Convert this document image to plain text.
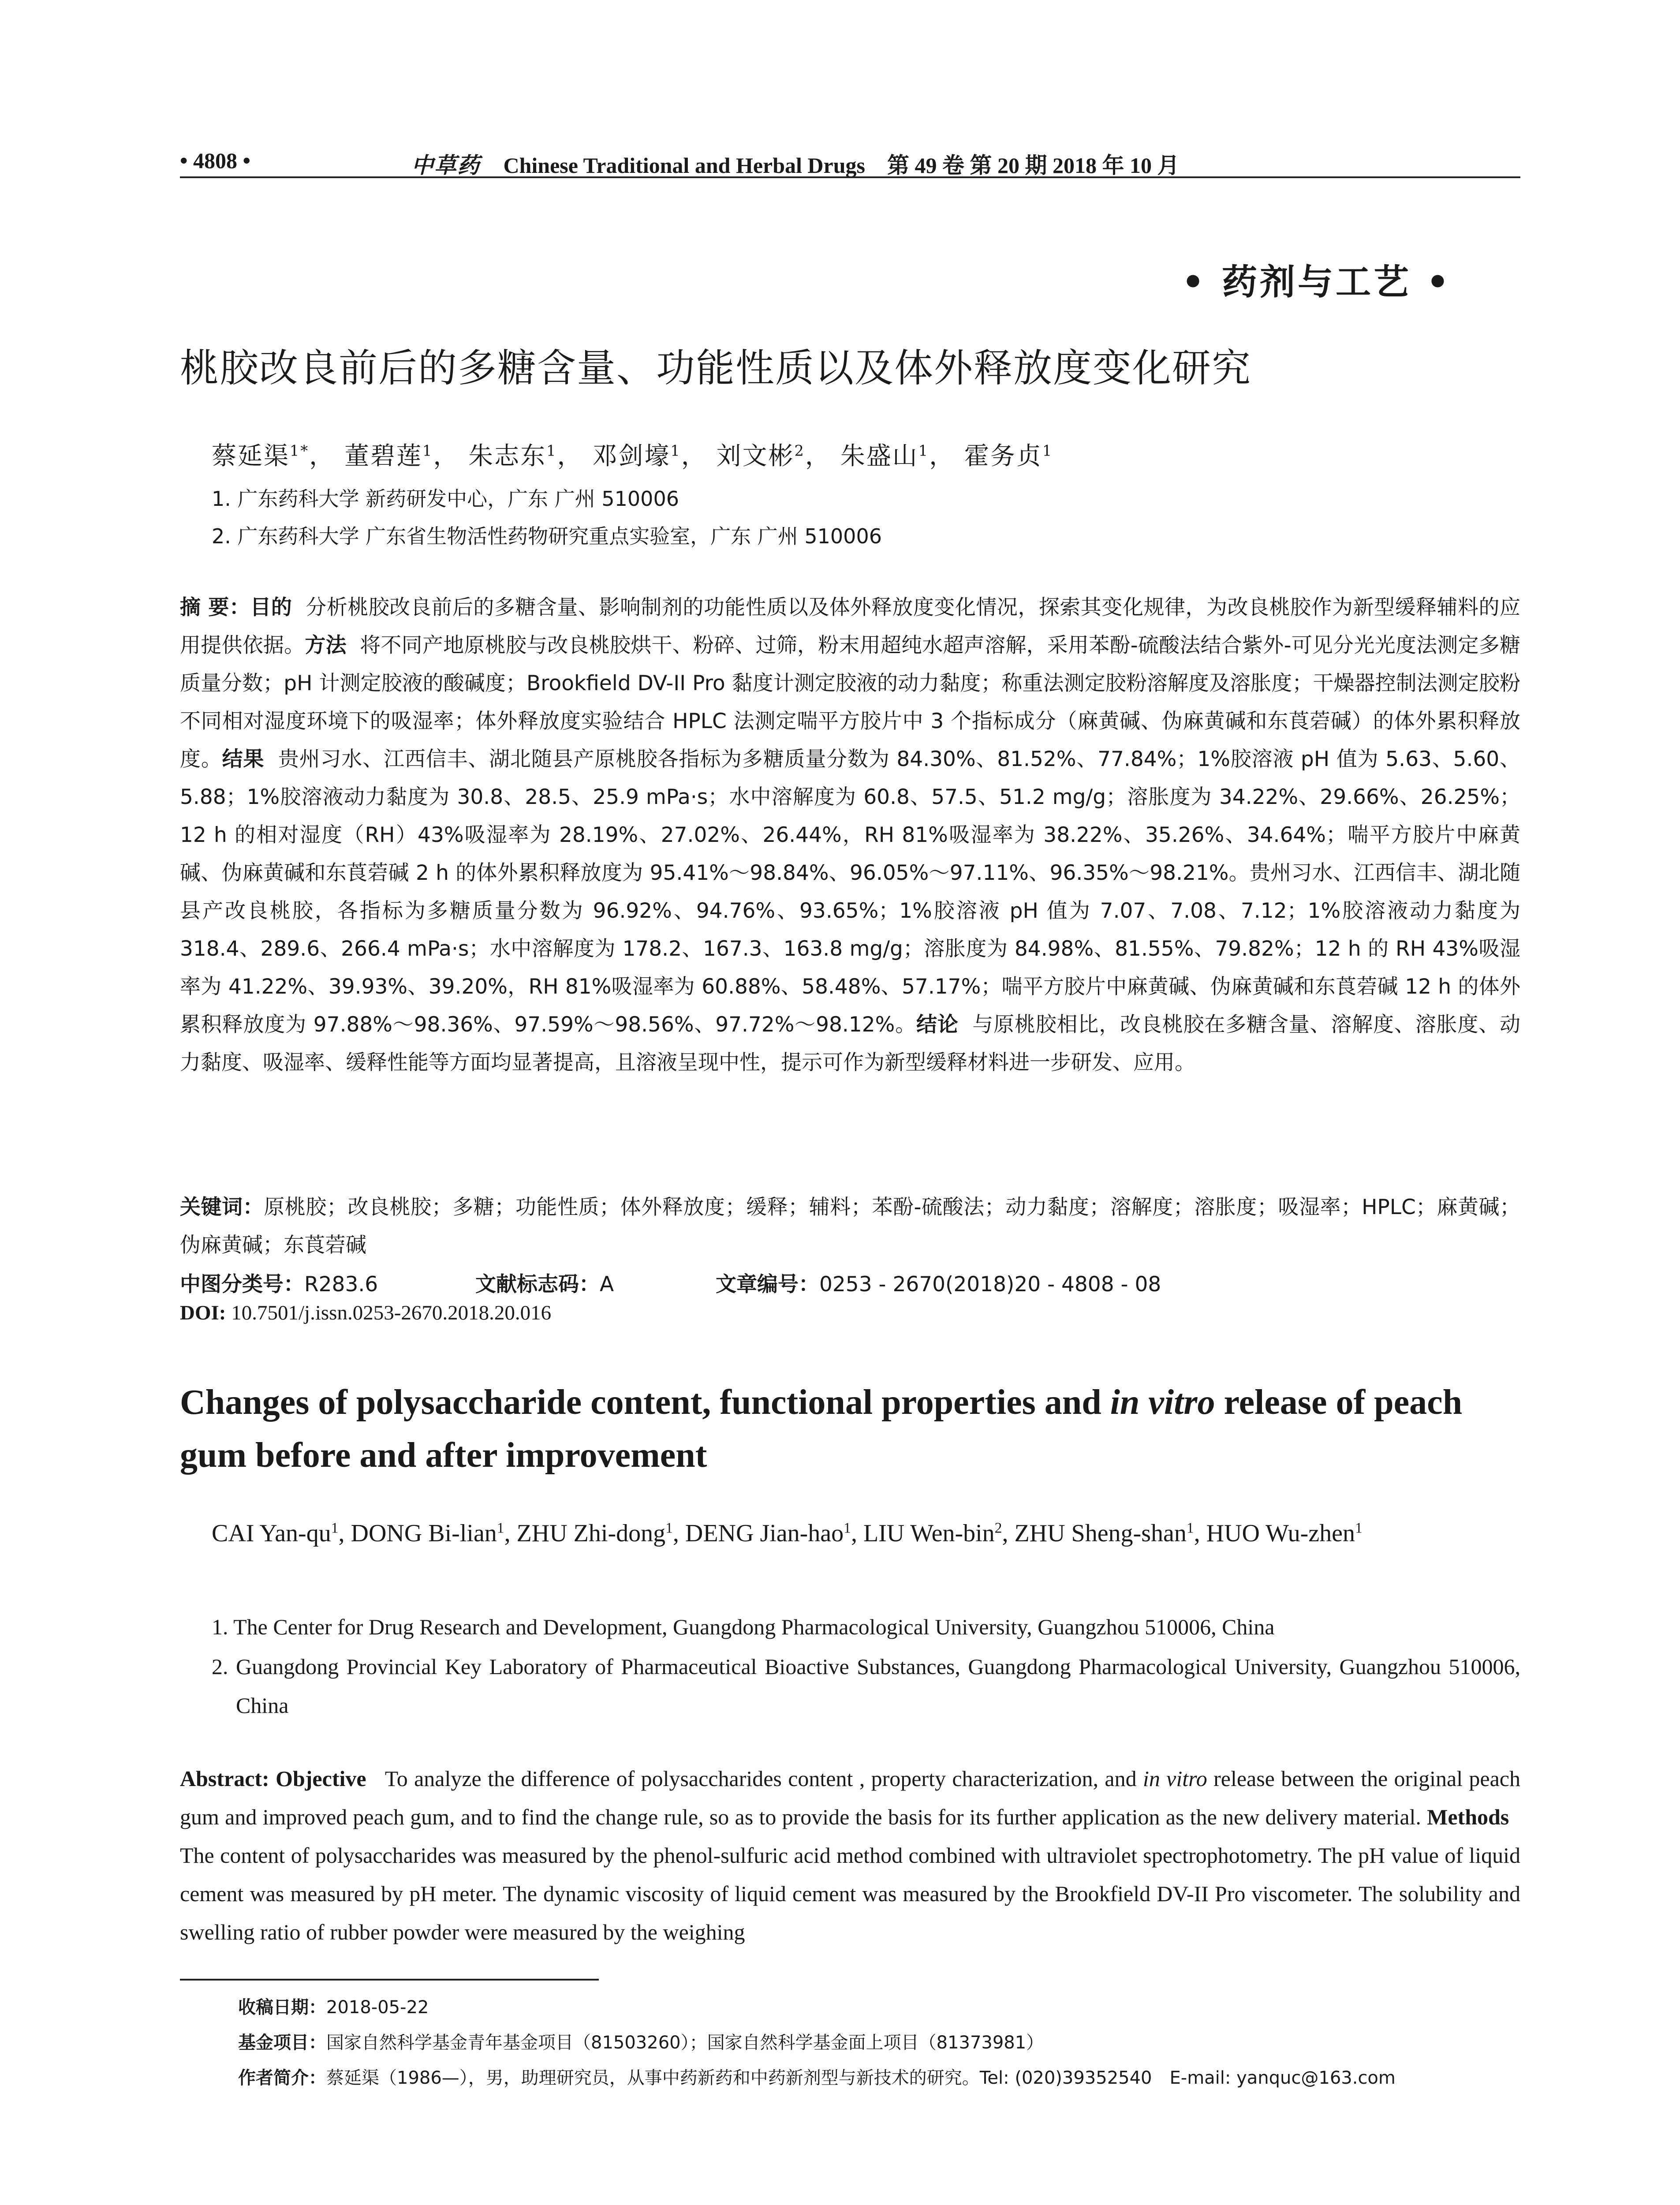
• 4808 •	中草药 Chinese Traditional and Herbal Drugs 第 49 卷 第 20 期 2018 年 10 月
• 药剂与工艺 •
桃胶改良前后的多糖含量、功能性质以及体外释放度变化研究
蔡延渠$^{1*}$， 董碧莲$^1$， 朱志东$^1$， 邓剑壕$^1$， 刘文彬$^2$， 朱盛山$^1$， 霍务贞$^1$
1. 广东药科大学 新药研发中心，广东 广州 510006
2. 广东药科大学 广东省生物活性药物研究重点实验室，广东 广州 510006
摘 要：目的 分析桃胶改良前后的多糖含量、影响制剂的功能性质以及体外释放度变化情况，探索其变化规律，为改良桃胶作为新型缓释辅料的应用提供依据。方法 将不同产地原桃胶与改良桃胶烘干、粉碎、过筛，粉末用超纯水超声溶解，采用苯酚-硫酸法结合紫外-可见分光光度法测定多糖质量分数；pH 计测定胶液的酸碱度；Brookfield DV-II Pro 黏度计测定胶液的动力黏度；称重法测定胶粉溶解度及溶胀度；干燥器控制法测定胶粉不同相对湿度环境下的吸湿率；体外释放度实验结合 HPLC 法测定喘平方胶片中 3 个指标成分（麻黄碱、伪麻黄碱和东莨菪碱）的体外累积释放度。结果 贵州习水、江西信丰、湖北随县产原桃胶各指标为多糖质量分数为 84.30%、81.52%、77.84%；1%胶溶液 pH 值为 5.63、5.60、5.88；1%胶溶液动力黏度为 30.8、28.5、25.9 mPa·s；水中溶解度为 60.8、57.5、51.2 mg/g；溶胀度为 34.22%、29.66%、26.25%；12 h 的相对湿度（RH）43%吸湿率为 28.19%、27.02%、26.44%，RH 81%吸湿率为 38.22%、35.26%、34.64%；喘平方胶片中麻黄碱、伪麻黄碱和东莨菪碱 2 h 的体外累积释放度为 95.41%～98.84%、96.05%～97.11%、96.35%～98.21%。贵州习水、江西信丰、湖北随县产改良桃胶，各指标为多糖质量分数为 96.92%、94.76%、93.65%；1%胶溶液 pH 值为 7.07、7.08、7.12；1%胶溶液动力黏度为 318.4、289.6、266.4 mPa·s；水中溶解度为 178.2、167.3、163.8 mg/g；溶胀度为 84.98%、81.55%、79.82%；12 h 的 RH 43%吸湿率为 41.22%、39.93%、39.20%，RH 81%吸湿率为 60.88%、58.48%、57.17%；喘平方胶片中麻黄碱、伪麻黄碱和东莨菪碱 12 h 的体外累积释放度为 97.88%～98.36%、97.59%～98.56%、97.72%～98.12%。结论 与原桃胶相比，改良桃胶在多糖含量、溶解度、溶胀度、动力黏度、吸湿率、缓释性能等方面均显著提高，且溶液呈现中性，提示可作为新型缓释材料进一步研发、应用。
关键词：原桃胶；改良桃胶；多糖；功能性质；体外释放度；缓释；辅料；苯酚-硫酸法；动力黏度；溶解度；溶胀度；吸湿率；HPLC；麻黄碱；伪麻黄碱；东莨菪碱
中图分类号：R283.6	文献标志码：A	文章编号：0253 - 2670(2018)20 - 4808 - 08
DOI: 10.7501/j.issn.0253-2670.2018.20.016
Changes of polysaccharide content, functional properties and in vitro release of peach gum before and after improvement
CAI Yan-$qu^1$, DONG Bi-lian$^1$, ZHU Zhi-dong$^1$, DENG Jian-hao$^1$, LIU Wen-bin$^2$, ZHU Sheng-shan$^1$, HUO Wu-zhen$^1$
1. The Center for Drug Research and Development, Guangdong Pharmacological University, Guangzhou 510006, China
2. Guangdong Provincial Key Laboratory of Pharmaceutical Bioactive Substances, Guangdong Pharmacological University, Guangzhou 510006, China
Abstract: Objective To analyze the difference of polysaccharides content , property characterization, and in vitro release between the original peach gum and improved peach gum, and to find the change rule, so as to provide the basis for its further application as the new delivery material. Methods   The content of polysaccharides was measured by the phenol-sulfuric acid method combined with ultraviolet spectrophotometry. The pH value of liquid cement was measured by pH meter. The dynamic viscosity of liquid cement was measured by the Brookfield DV-II Pro viscometer. The solubility and swelling ratio of rubber powder were measured by the weighing
收稿日期：2018-05-22
基金项目：国家自然科学基金青年基金项目（81503260）；国家自然科学基金面上项目（81373981）
作者简介：蔡延渠（1986—），男，助理研究员，从事中药新药和中药新剂型与新技术的研究。Tel: (020)39352540　E-mail: yanquc@163.com
